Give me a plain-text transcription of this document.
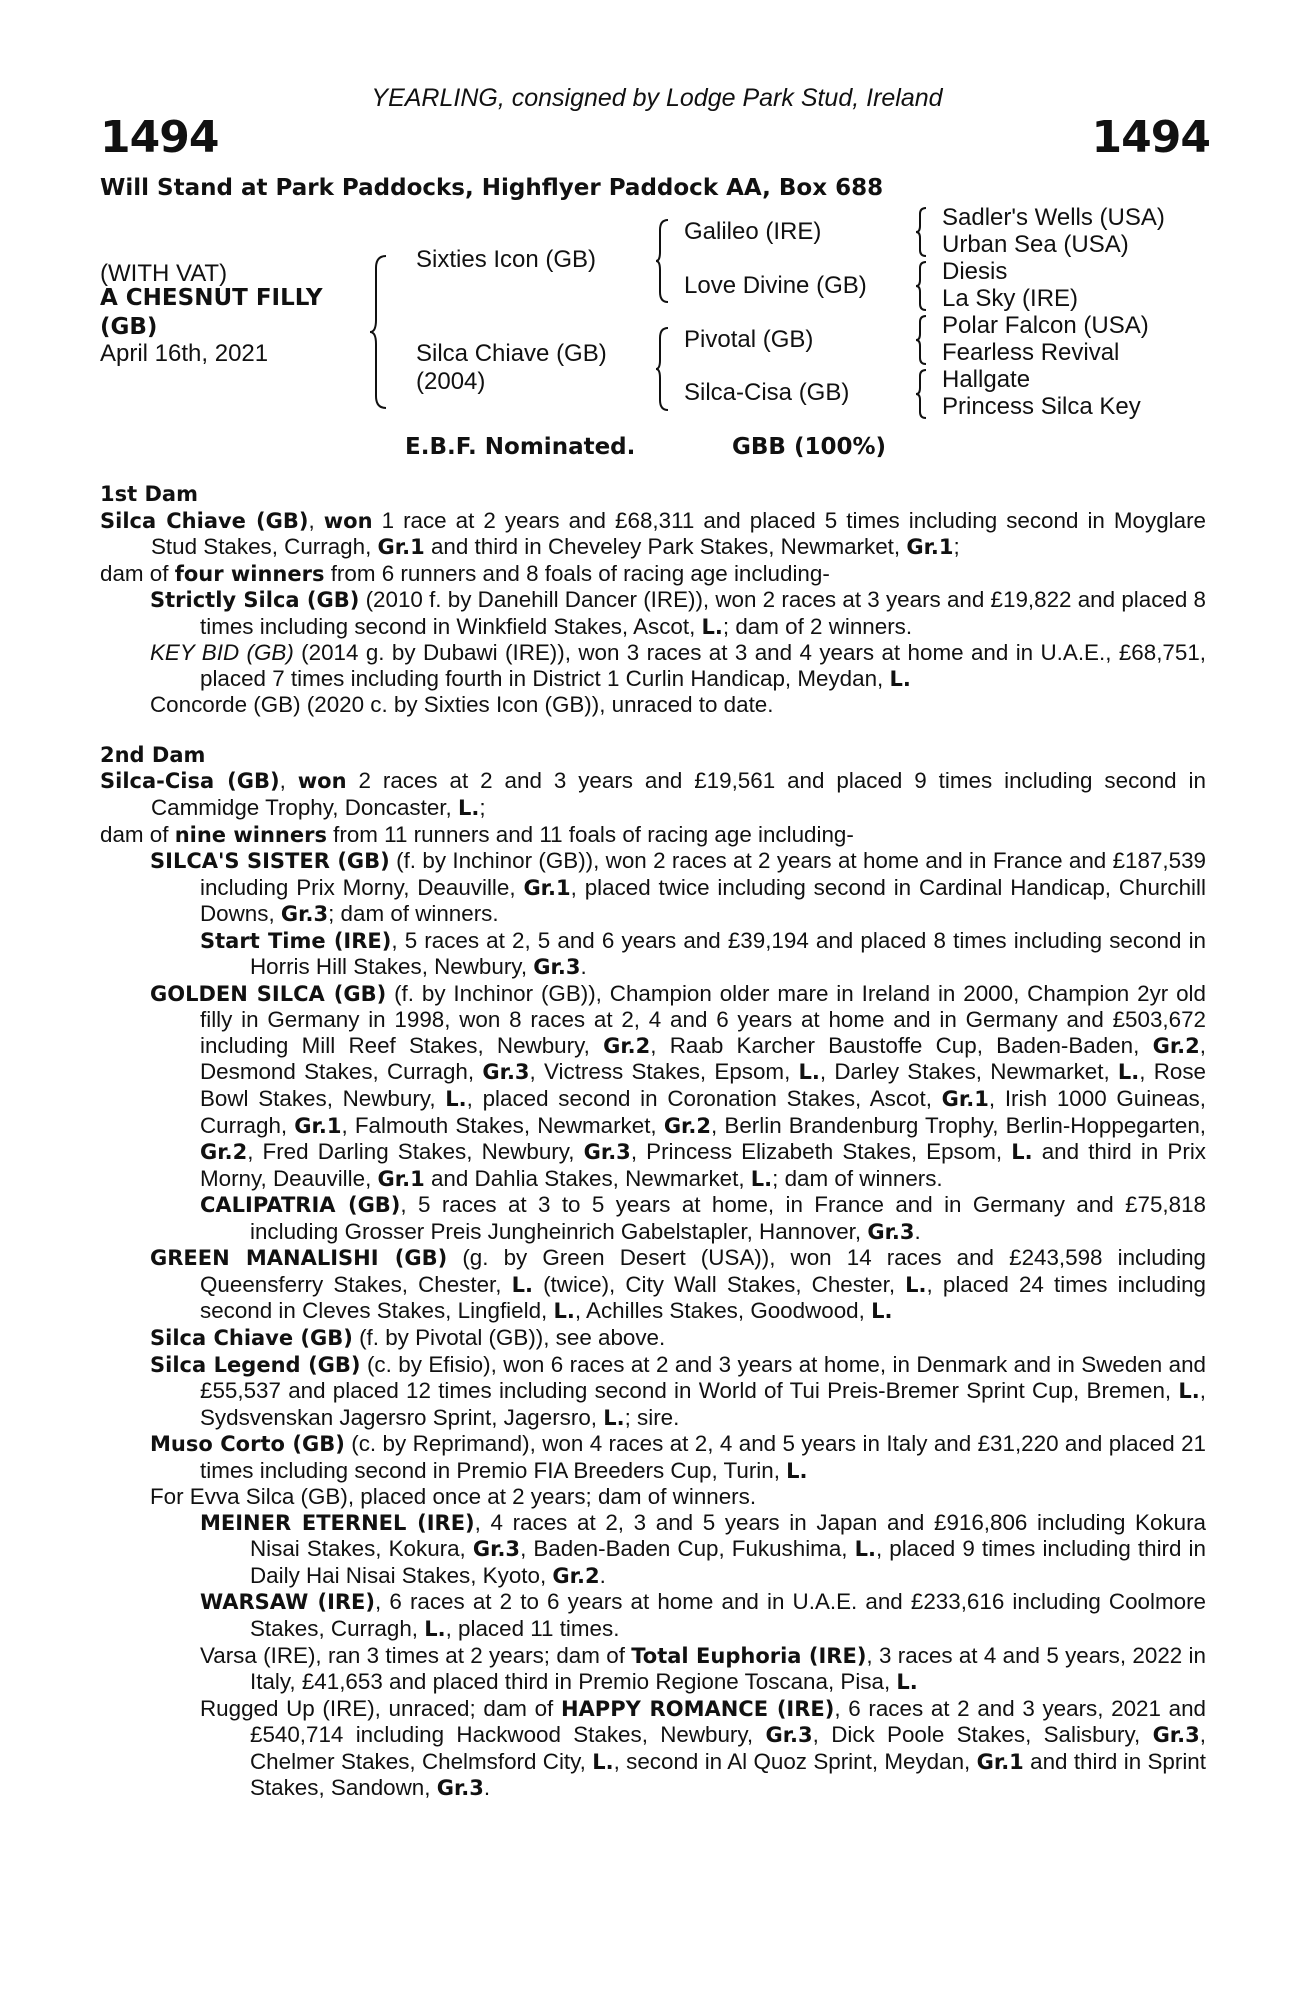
YEARLING, consigned by Lodge Park Stud, Ireland
1494	1494
Will Stand at Park Paddocks, Highflyer Paddock AA, Box 688
(WITH VAT)
A CHESNUT FILLY
(GB)
April 16th, 2021
Sixties Icon (GB)
Silca Chiave (GB)
(2004)
Galileo (IRE)
Love Divine (GB)
Pivotal (GB)
Silca-Cisa (GB)
Sadler's Wells (USA)
Urban Sea (USA)
Diesis
La Sky (IRE)
Polar Falcon (USA)
Fearless Revival
Hallgate
Princess Silca Key
E.B.F. Nominated.	GBB (100%)

1st Dam

Silca Chiave (GB), won 1 race at 2 years and £68,311 and placed 5 times including second in Moyglare Stud Stakes, Curragh, Gr.1 and third in Cheveley Park Stakes, Newmarket, Gr.1;

dam of four winners from 6 runners and 8 foals of racing age including-

Strictly Silca (GB) (2010 f. by Danehill Dancer (IRE)), won 2 races at 3 years and £19,822 and placed 8 times including second in Winkfield Stakes, Ascot, L.; dam of 2 winners.

KEY BID (GB) (2014 g. by Dubawi (IRE)), won 3 races at 3 and 4 years at home and in U.A.E., £68,751, placed 7 times including fourth in District 1 Curlin Handicap, Meydan, L.

Concorde (GB) (2020 c. by Sixties Icon (GB)), unraced to date.

2nd Dam

Silca-Cisa (GB), won 2 races at 2 and 3 years and £19,561 and placed 9 times including second in Cammidge Trophy, Doncaster, L.;

dam of nine winners from 11 runners and 11 foals of racing age including-

SILCA'S SISTER (GB) (f. by Inchinor (GB)), won 2 races at 2 years at home and in France and £187,539 including Prix Morny, Deauville, Gr.1, placed twice including second in Cardinal Handicap, Churchill Downs, Gr.3; dam of winners.

Start Time (IRE), 5 races at 2, 5 and 6 years and £39,194 and placed 8 times including second in Horris Hill Stakes, Newbury, Gr.3.

GOLDEN SILCA (GB) (f. by Inchinor (GB)), Champion older mare in Ireland in 2000, Champion 2yr old filly in Germany in 1998, won 8 races at 2, 4 and 6 years at home and in Germany and £503,672 including Mill Reef Stakes, Newbury, Gr.2, Raab Karcher Baustoffe Cup, Baden-Baden, Gr.2, Desmond Stakes, Curragh, Gr.3, Victress Stakes, Epsom, L., Darley Stakes, Newmarket, L., Rose Bowl Stakes, Newbury, L., placed second in Coronation Stakes, Ascot, Gr.1, Irish 1000 Guineas, Curragh, Gr.1, Falmouth Stakes, Newmarket, Gr.2, Berlin Brandenburg Trophy, Berlin-Hoppegarten, Gr.2, Fred Darling Stakes, Newbury, Gr.3, Princess Elizabeth Stakes, Epsom, L. and third in Prix Morny, Deauville, Gr.1 and Dahlia Stakes, Newmarket, L.; dam of winners.

CALIPATRIA (GB), 5 races at 3 to 5 years at home, in France and in Germany and £75,818 including Grosser Preis Jungheinrich Gabelstapler, Hannover, Gr.3.

GREEN MANALISHI (GB) (g. by Green Desert (USA)), won 14 races and £243,598 including Queensferry Stakes, Chester, L. (twice), City Wall Stakes, Chester, L., placed 24 times including second in Cleves Stakes, Lingfield, L., Achilles Stakes, Goodwood, L.

Silca Chiave (GB) (f. by Pivotal (GB)), see above.

Silca Legend (GB) (c. by Efisio), won 6 races at 2 and 3 years at home, in Denmark and in Sweden and £55,537 and placed 12 times including second in World of Tui Preis-Bremer Sprint Cup, Bremen, L., Sydsvenskan Jagersro Sprint, Jagersro, L.; sire.

Muso Corto (GB) (c. by Reprimand), won 4 races at 2, 4 and 5 years in Italy and £31,220 and placed 21 times including second in Premio FIA Breeders Cup, Turin, L.

For Evva Silca (GB), placed once at 2 years; dam of winners.

MEINER ETERNEL (IRE), 4 races at 2, 3 and 5 years in Japan and £916,806 including Kokura Nisai Stakes, Kokura, Gr.3, Baden-Baden Cup, Fukushima, L., placed 9 times including third in Daily Hai Nisai Stakes, Kyoto, Gr.2.

WARSAW (IRE), 6 races at 2 to 6 years at home and in U.A.E. and £233,616 including Coolmore Stakes, Curragh, L., placed 11 times.

Varsa (IRE), ran 3 times at 2 years; dam of Total Euphoria (IRE), 3 races at 4 and 5 years, 2022 in Italy, £41,653 and placed third in Premio Regione Toscana, Pisa, L.

Rugged Up (IRE), unraced; dam of HAPPY ROMANCE (IRE), 6 races at 2 and 3 years, 2021 and £540,714 including Hackwood Stakes, Newbury, Gr.3, Dick Poole Stakes, Salisbury, Gr.3, Chelmer Stakes, Chelmsford City, L., second in Al Quoz Sprint, Meydan, Gr.1 and third in Sprint Stakes, Sandown, Gr.3.
